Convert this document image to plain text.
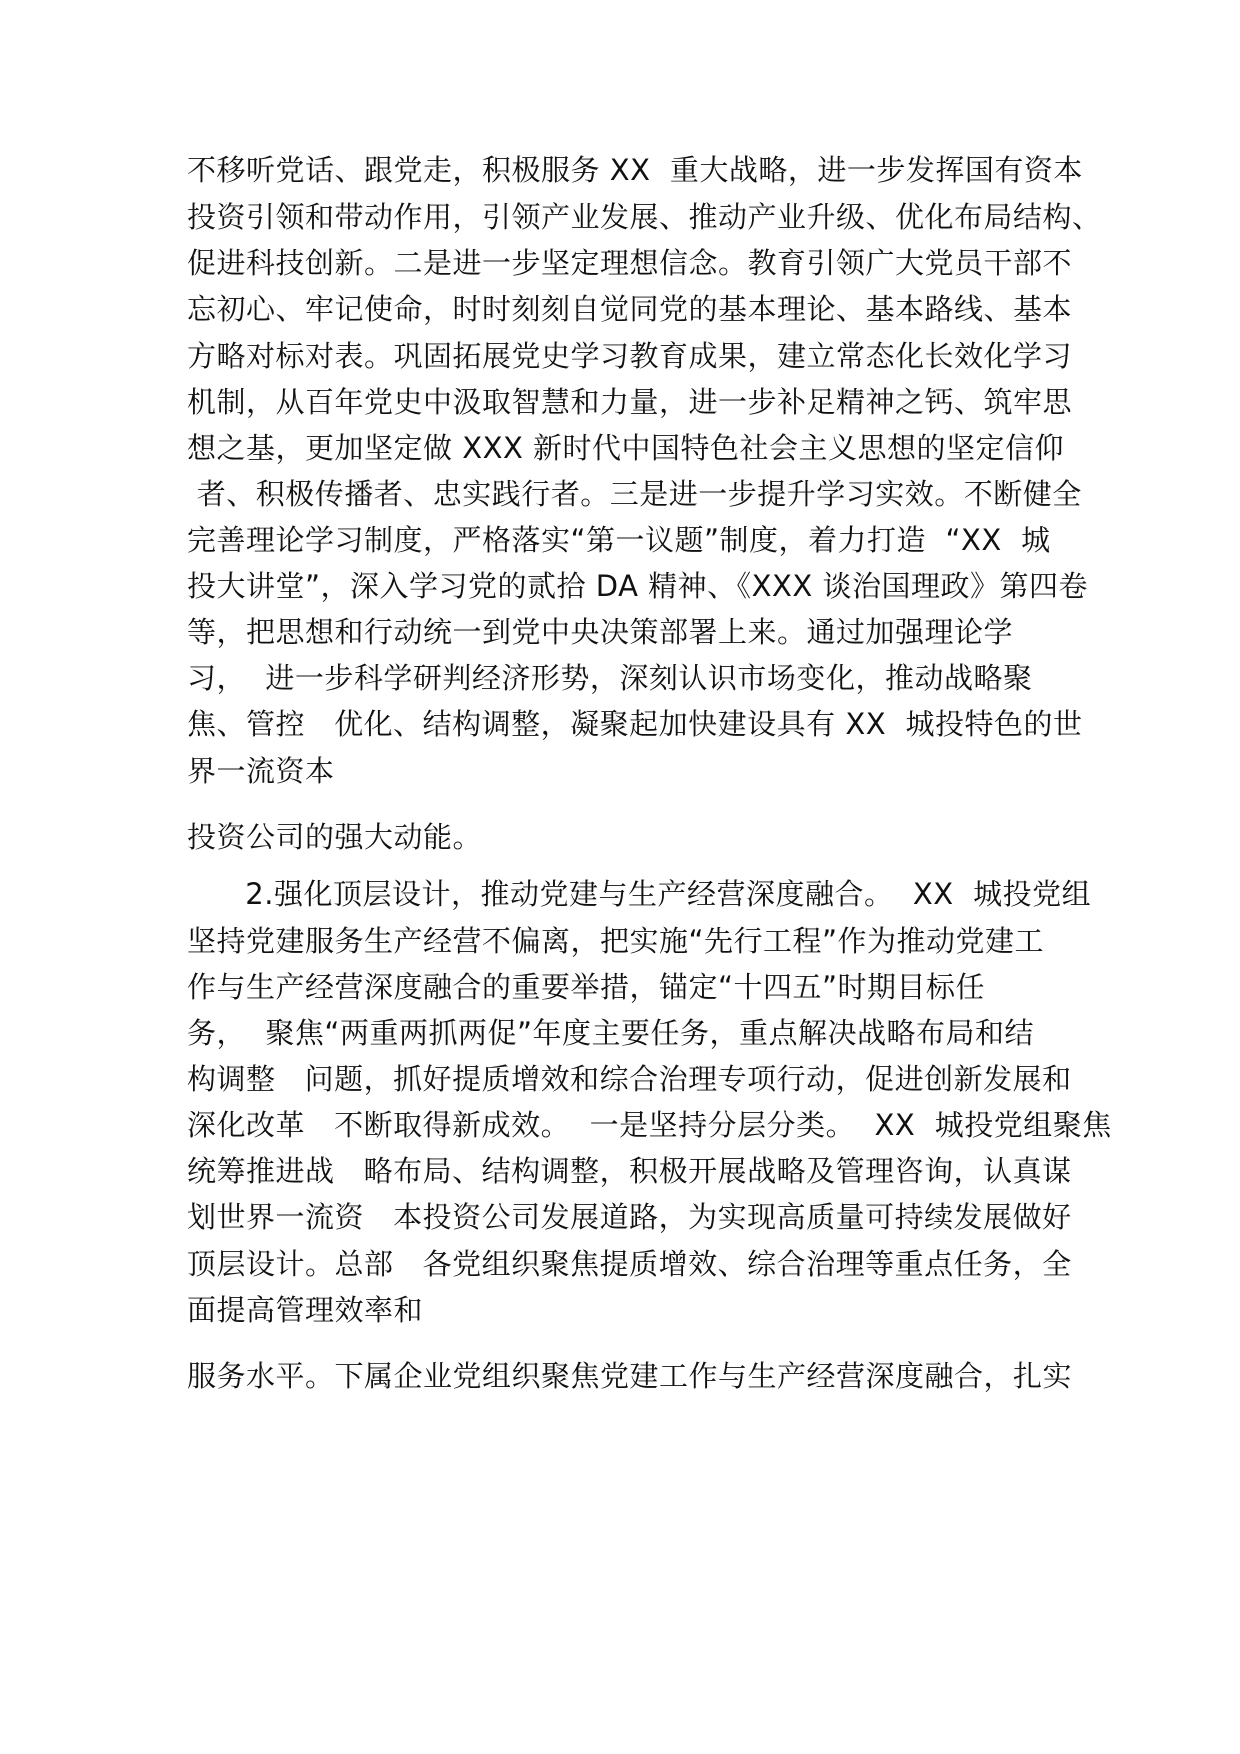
不移听党话、跟党走，积极服务 XX  重大战略，进一步发挥国有资本
投资引领和带动作用，引领产业发展、推动产业升级、优化布局结构、
促进科技创新。二是进一步坚定理想信念。教育引领广大党员干部不
忘初心、牢记使命，时时刻刻自觉同党的基本理论、基本路线、基本
方略对标对表。巩固拓展党史学习教育成果，建立常态化长效化学习
机制，从百年党史中汲取智慧和力量，进一步补足精神之钙、筑牢思
想之基，更加坚定做 XXX 新时代中国特色社会主义思想的坚定信仰
者、积极传播者、忠实践行者。三是进一步提升学习实效。不断健全
完善理论学习制度，严格落实“第一议题”制度，着力打造  “XX  城
投大讲堂”，深入学习党的贰拾 DA 精神、《XXX 谈治国理政》第四卷
等，把思想和行动统一到党中央决策部署上来。通过加强理论学
习，  进一步科学研判经济形势，深刻认识市场变化，推动战略聚
焦、管控   优化、结构调整，凝聚起加快建设具有 XX  城投特色的世
界一流资本
投资公司的强大动能。
2.强化顶层设计，推动党建与生产经营深度融合。  XX  城投党组
坚持党建服务生产经营不偏离，把实施“先行工程”作为推动党建工
作与生产经营深度融合的重要举措，锚定“十四五”时期目标任
务，  聚焦“两重两抓两促”年度主要任务，重点解决战略布局和结
构调整   问题，抓好提质增效和综合治理专项行动，促进创新发展和
深化改革   不断取得新成效。  一是坚持分层分类。  XX  城投党组聚焦
统筹推进战   略布局、结构调整，积极开展战略及管理咨询，认真谋
划世界一流资   本投资公司发展道路，为实现高质量可持续发展做好
顶层设计。总部   各党组织聚焦提质增效、综合治理等重点任务，全
面提高管理效率和
服务水平。下属企业党组织聚焦党建工作与生产经营深度融合，扎实
